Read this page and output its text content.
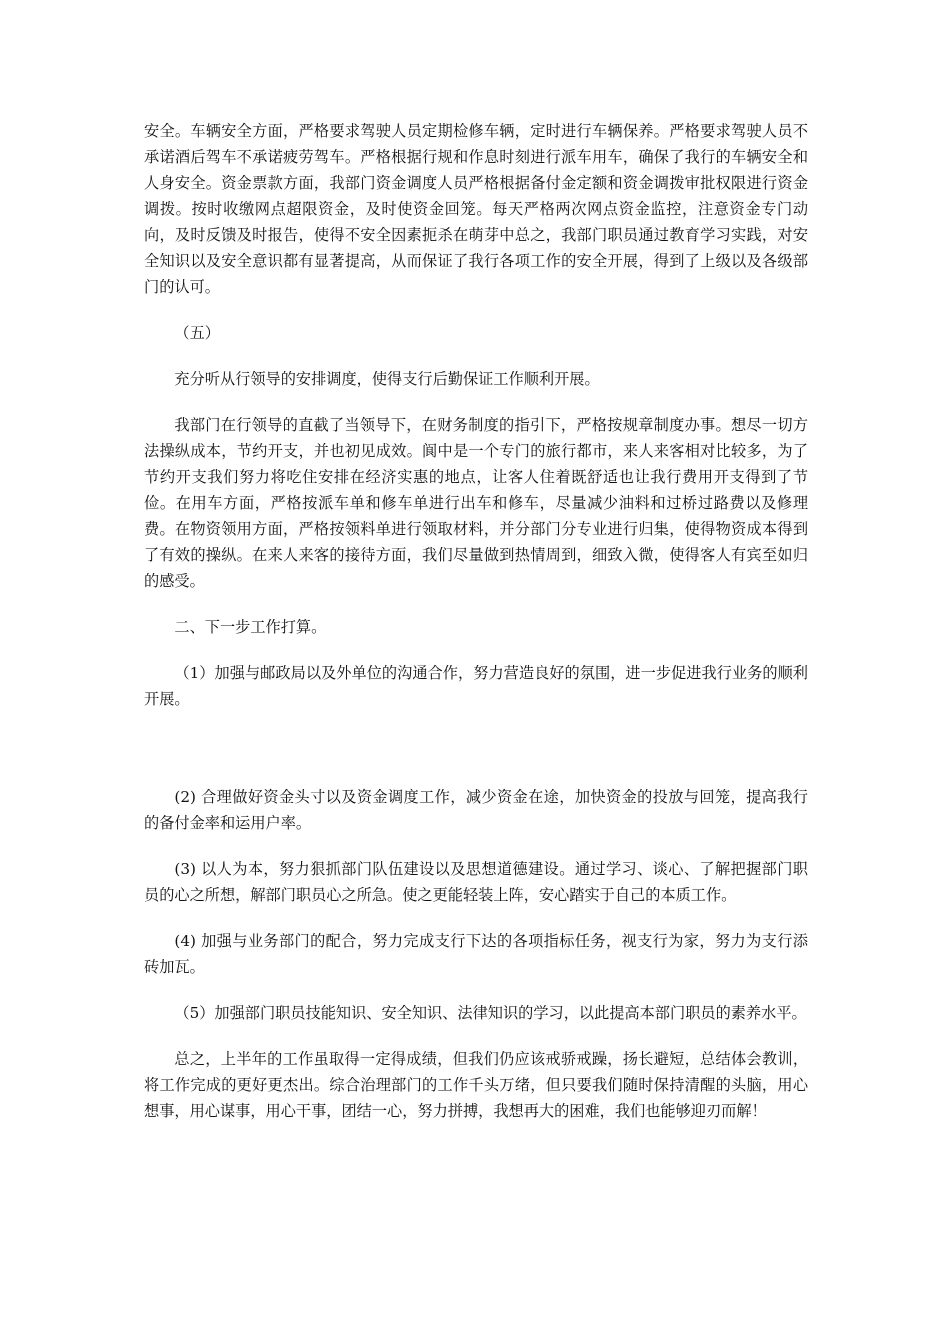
安全。车辆安全方面，严格要求驾驶人员定期检修车辆，定时进行车辆保养。严格要求驾驶人员不承诺酒后驾车不承诺疲劳驾车。严格根据行规和作息时刻进行派车用车，确保了我行的车辆安全和人身安全。资金票款方面，我部门资金调度人员严格根据备付金定额和资金调拨审批权限进行资金调拨。按时收缴网点超限资金，及时使资金回笼。每天严格两次网点资金监控，注意资金专门动向，及时反馈及时报告，使得不安全因素扼杀在萌芽中总之，我部门职员通过教育学习实践，对安全知识以及安全意识都有显著提高，从而保证了我行各项工作的安全开展，得到了上级以及各级部门的认可。

（五）

充分听从行领导的安排调度，使得支行后勤保证工作顺利开展。

我部门在行领导的直截了当领导下，在财务制度的指引下，严格按规章制度办事。想尽一切方法操纵成本，节约开支，并也初见成效。阆中是一个专门的旅行都市，来人来客相对比较多，为了节约开支我们努力将吃住安排在经济实惠的地点，让客人住着既舒适也让我行费用开支得到了节俭。在用车方面，严格按派车单和修车单进行出车和修车，尽量减少油料和过桥过路费以及修理费。在物资领用方面，严格按领料单进行领取材料，并分部门分专业进行归集，使得物资成本得到了有效的操纵。在来人来客的接待方面，我们尽量做到热情周到，细致入微，使得客人有宾至如归的感受。

二、下一步工作打算。

（1）加强与邮政局以及外单位的沟通合作，努力营造良好的氛围，进一步促进我行业务的顺利开展。

(2) 合理做好资金头寸以及资金调度工作，减少资金在途，加快资金的投放与回笼，提高我行的备付金率和运用户率。

(3) 以人为本，努力狠抓部门队伍建设以及思想道德建设。通过学习、谈心、了解把握部门职员的心之所想，解部门职员心之所急。使之更能轻装上阵，安心踏实于自己的本质工作。

(4) 加强与业务部门的配合，努力完成支行下达的各项指标任务，视支行为家，努力为支行添砖加瓦。

（5）加强部门职员技能知识、安全知识、法律知识的学习，以此提高本部门职员的素养水平。

总之，上半年的工作虽取得一定得成绩，但我们仍应该戒骄戒躁，扬长避短，总结体会教训，将工作完成的更好更杰出。综合治理部门的工作千头万绪，但只要我们随时保持清醒的头脑，用心想事，用心谋事，用心干事，团结一心，努力拼搏，我想再大的困难，我们也能够迎刃而解！
